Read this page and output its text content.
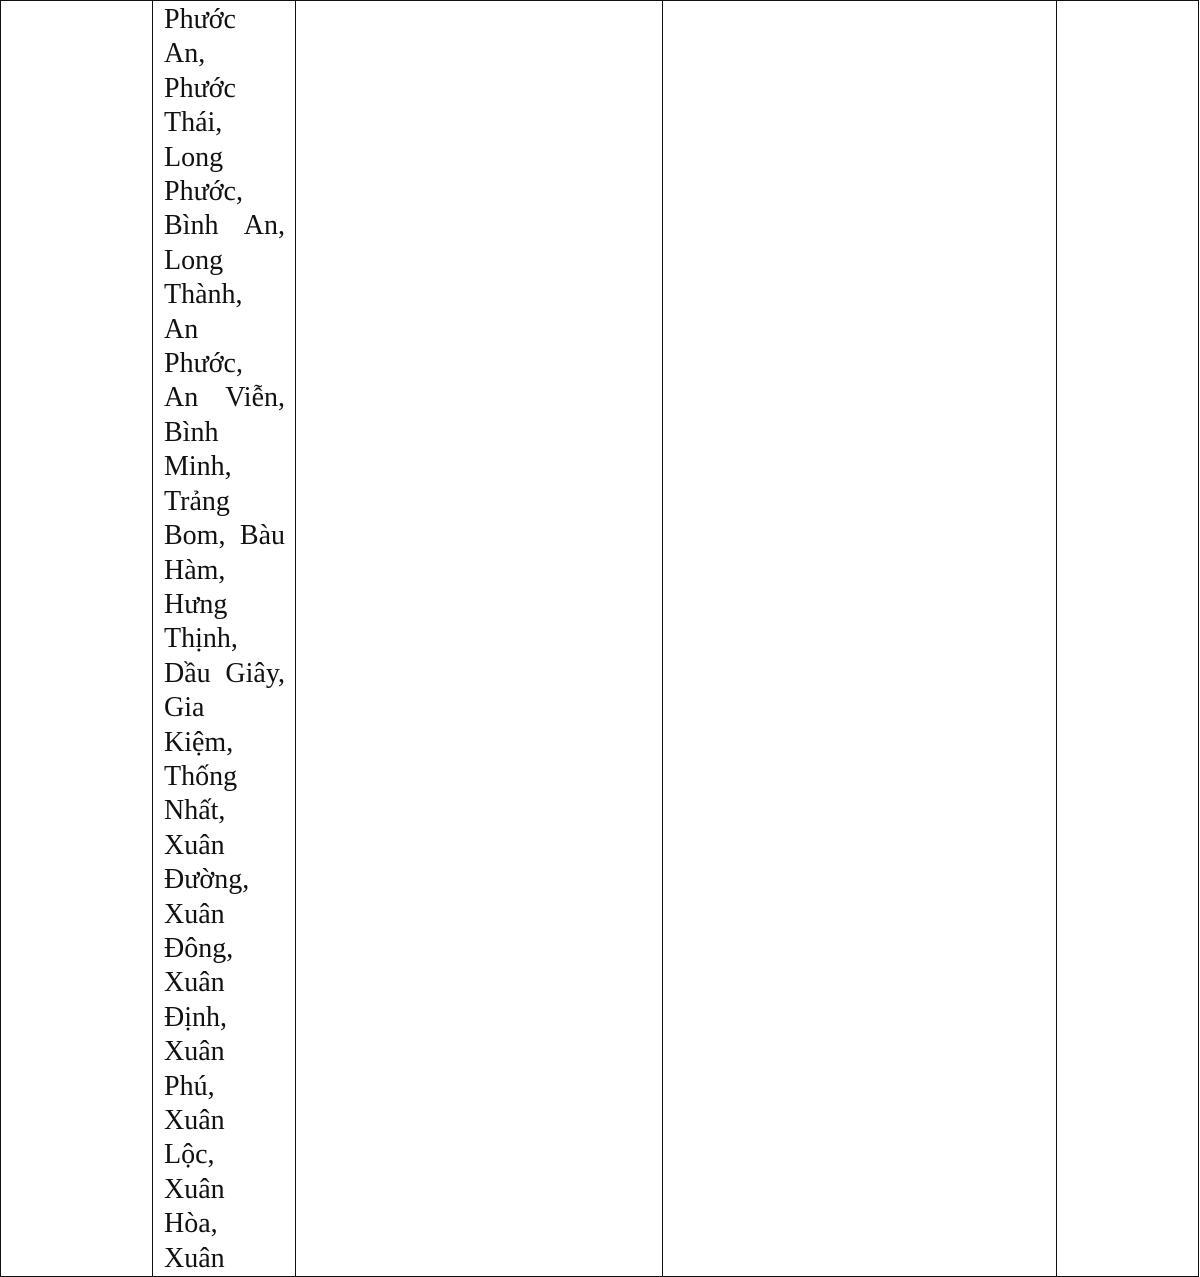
Phước
An,
Phước
Thái,
Long
Phước,
Bình An,
Long
Thành,
An
Phước,
An Viễn,
Bình
Minh,
Trảng
Bom, Bàu
Hàm,
Hưng
Thịnh,
Dầu Giây,
Gia
Kiệm,
Thống
Nhất,
Xuân
Đường,
Xuân
Đông,
Xuân
Định,
Xuân
Phú,
Xuân
Lộc,
Xuân
Hòa,
Xuân
